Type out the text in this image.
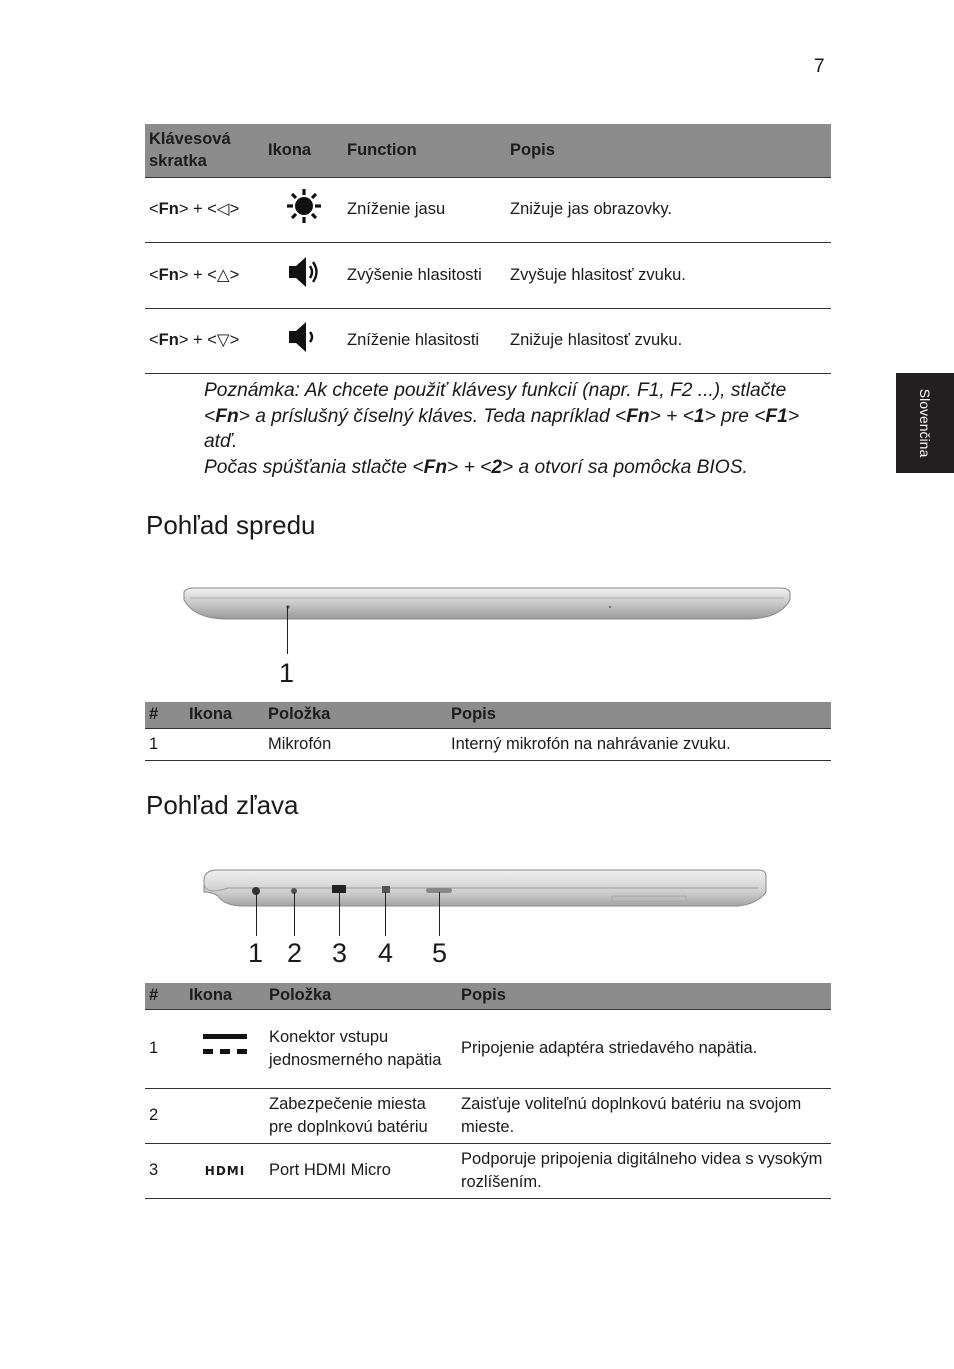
7
Slovenčina
Klávesová skratka	Ikona	Function	Popis
<Fn> + <◁>		Zníženie jasu	Znižuje jas obrazovky.
<Fn> + <△>		Zvýšenie hlasitosti	Zvyšuje hlasitosť zvuku.
<Fn> + <▽>		Zníženie hlasitosti	Znižuje hlasitosť zvuku.
Poznámka: Ak chcete použiť klávesy funkcií (napr. F1, F2 ...), stlačte <Fn> a príslušný číselný kláves. Teda napríklad <Fn> + <1> pre <F1> atď.
Počas spúšťania stlačte <Fn> + <2> a otvorí sa pomôcka BIOS.
Pohľad spredu
1
#	Ikona	Položka	Popis
1		Mikrofón	Interný mikrofón na nahrávanie zvuku.
Pohľad zľava
1 2 3 4 5
#	Ikona	Položka	Popis
1		Konektor vstupu jednosmerného napätia	Pripojenie adaptéra striedavého napätia.
2		Zabezpečenie miesta pre doplnkovú batériu	Zaisťuje voliteľnú doplnkovú batériu na svojom mieste.
3	HDMI	Port HDMI Micro	Podporuje pripojenia digitálneho videa s vysokým rozlíšením.
